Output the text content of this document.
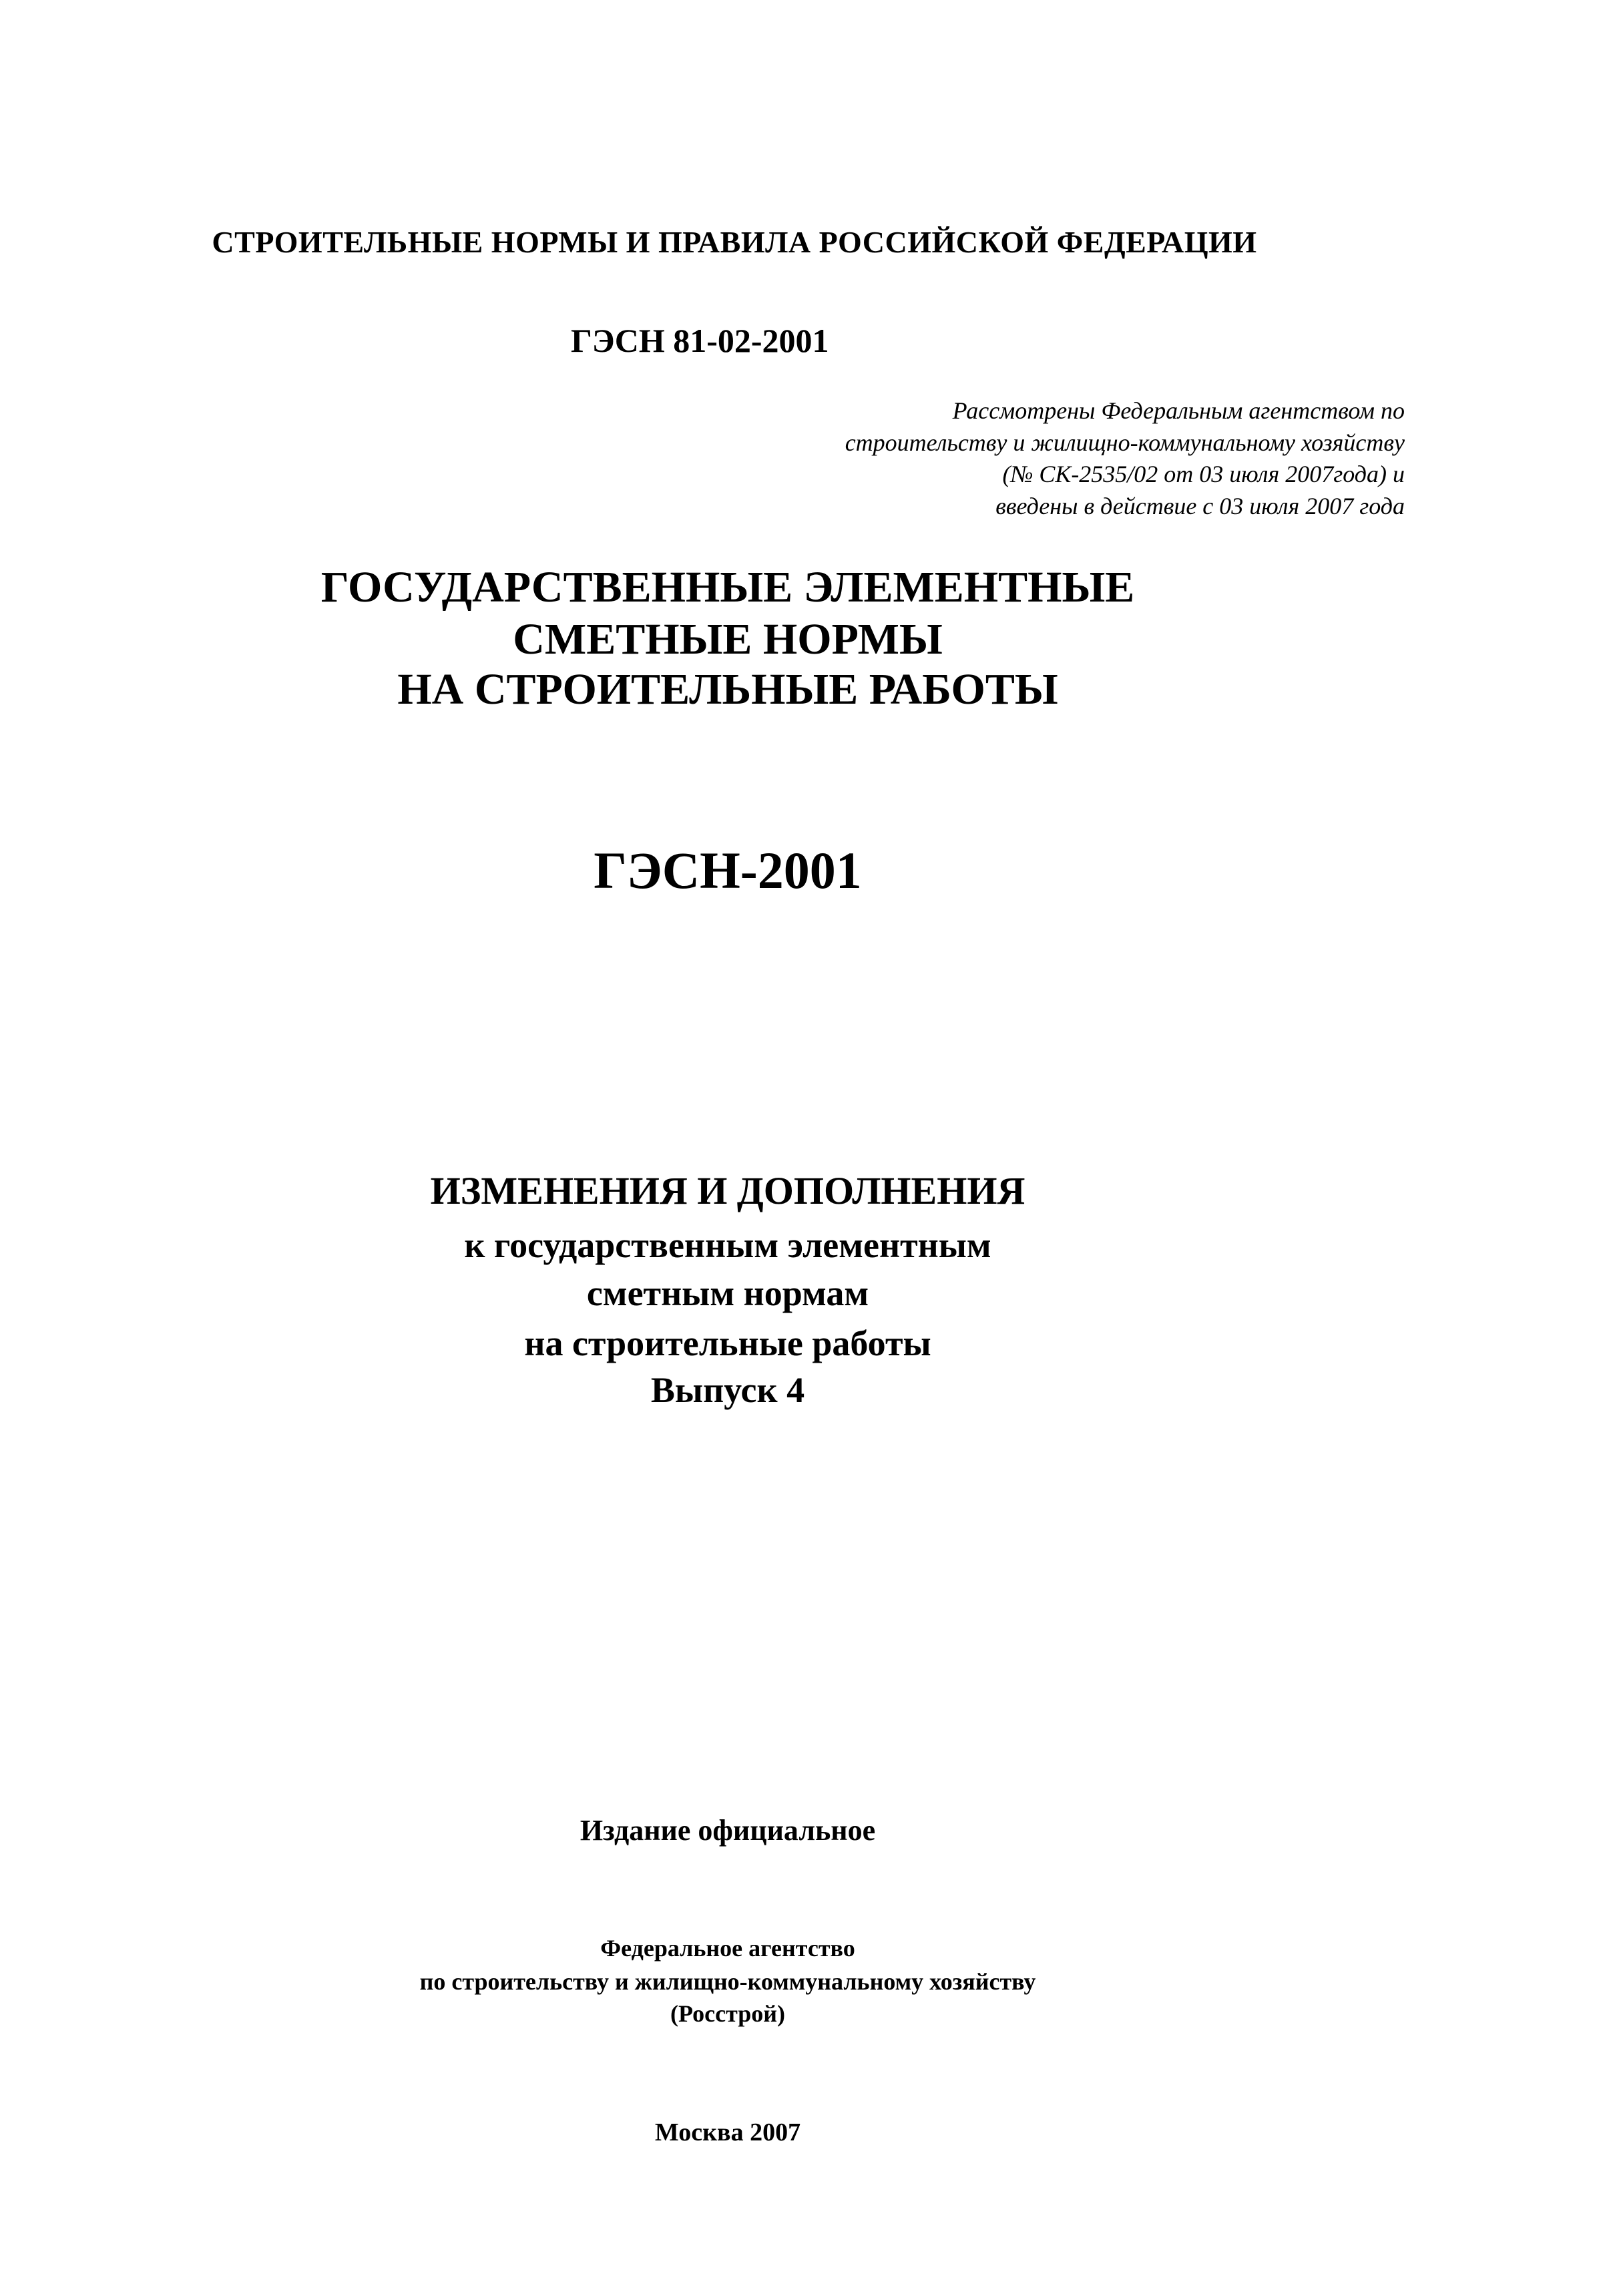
СТРОИТЕЛЬНЫЕ НОРМЫ И ПРАВИЛА РОССИЙСКОЙ ФЕДЕРАЦИИ
ГЭСН 81-02-2001
Рассмотрены Федеральным агентством по
строительству и жилищно-коммунальному хозяйству
(№ СК-2535/02 от 03 июля 2007года) и
введены в действие с 03 июля 2007 года
ГОСУДАРСТВЕННЫЕ ЭЛЕМЕНТНЫЕ
СМЕТНЫЕ НОРМЫ
НА СТРОИТЕЛЬНЫЕ РАБОТЫ
ГЭСН-2001
ИЗМЕНЕНИЯ И ДОПОЛНЕНИЯ
к государственным элементным
сметным нормам
на строительные работы
Выпуск 4
Издание официальное
Федеральное агентство
по строительству и жилищно-коммунальному хозяйству
(Росстрой)
Москва 2007
